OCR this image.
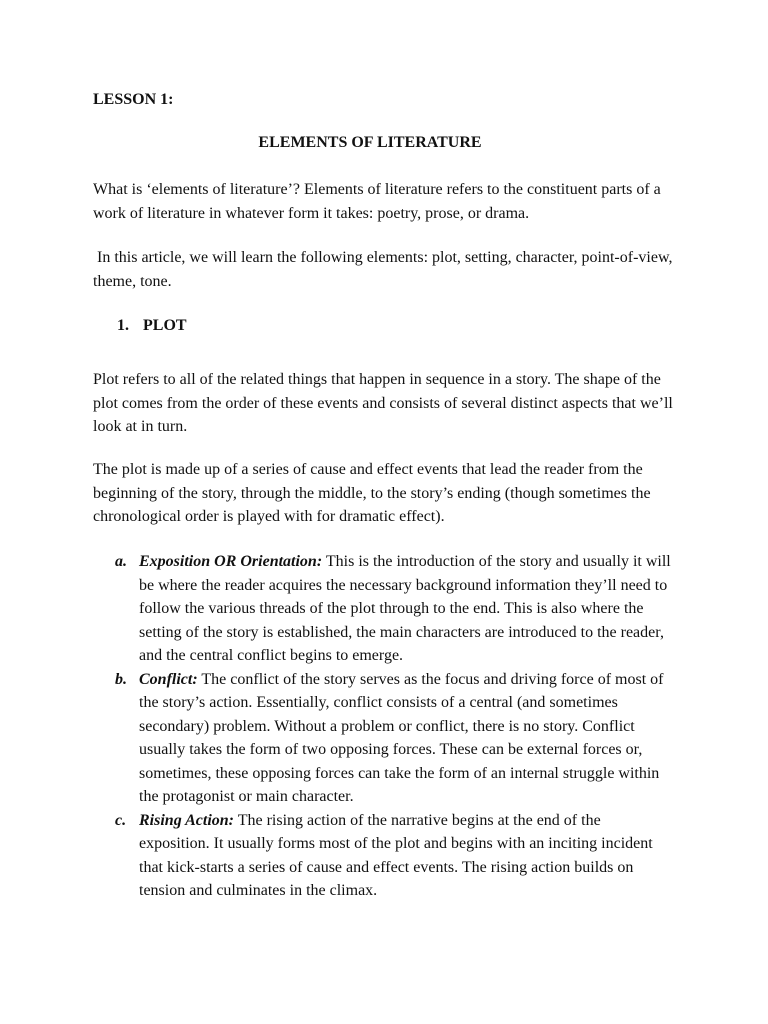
LESSON 1:
ELEMENTS OF LITERATURE

What is ‘elements of literature’? Elements of literature refers to the constituent parts of a work of literature in whatever form it takes: poetry, prose, or drama.

In this article, we will learn the following elements: plot, setting, character, point-of-view, theme, tone.

1. PLOT

Plot refers to all of the related things that happen in sequence in a story. The shape of the plot comes from the order of these events and consists of several distinct aspects that we’ll look at in turn.

The plot is made up of a series of cause and effect events that lead the reader from the beginning of the story, through the middle, to the story’s ending (though sometimes the chronological order is played with for dramatic effect).

a. Exposition OR Orientation: This is the introduction of the story and usually it will be where the reader acquires the necessary background information they’ll need to follow the various threads of the plot through to the end. This is also where the setting of the story is established, the main characters are introduced to the reader, and the central conflict begins to emerge.
b. Conflict: The conflict of the story serves as the focus and driving force of most of the story’s action. Essentially, conflict consists of a central (and sometimes secondary) problem. Without a problem or conflict, there is no story. Conflict usually takes the form of two opposing forces. These can be external forces or, sometimes, these opposing forces can take the form of an internal struggle within the protagonist or main character.
c. Rising Action: The rising action of the narrative begins at the end of the exposition. It usually forms most of the plot and begins with an inciting incident that kick-starts a series of cause and effect events. The rising action builds on tension and culminates in the climax.
